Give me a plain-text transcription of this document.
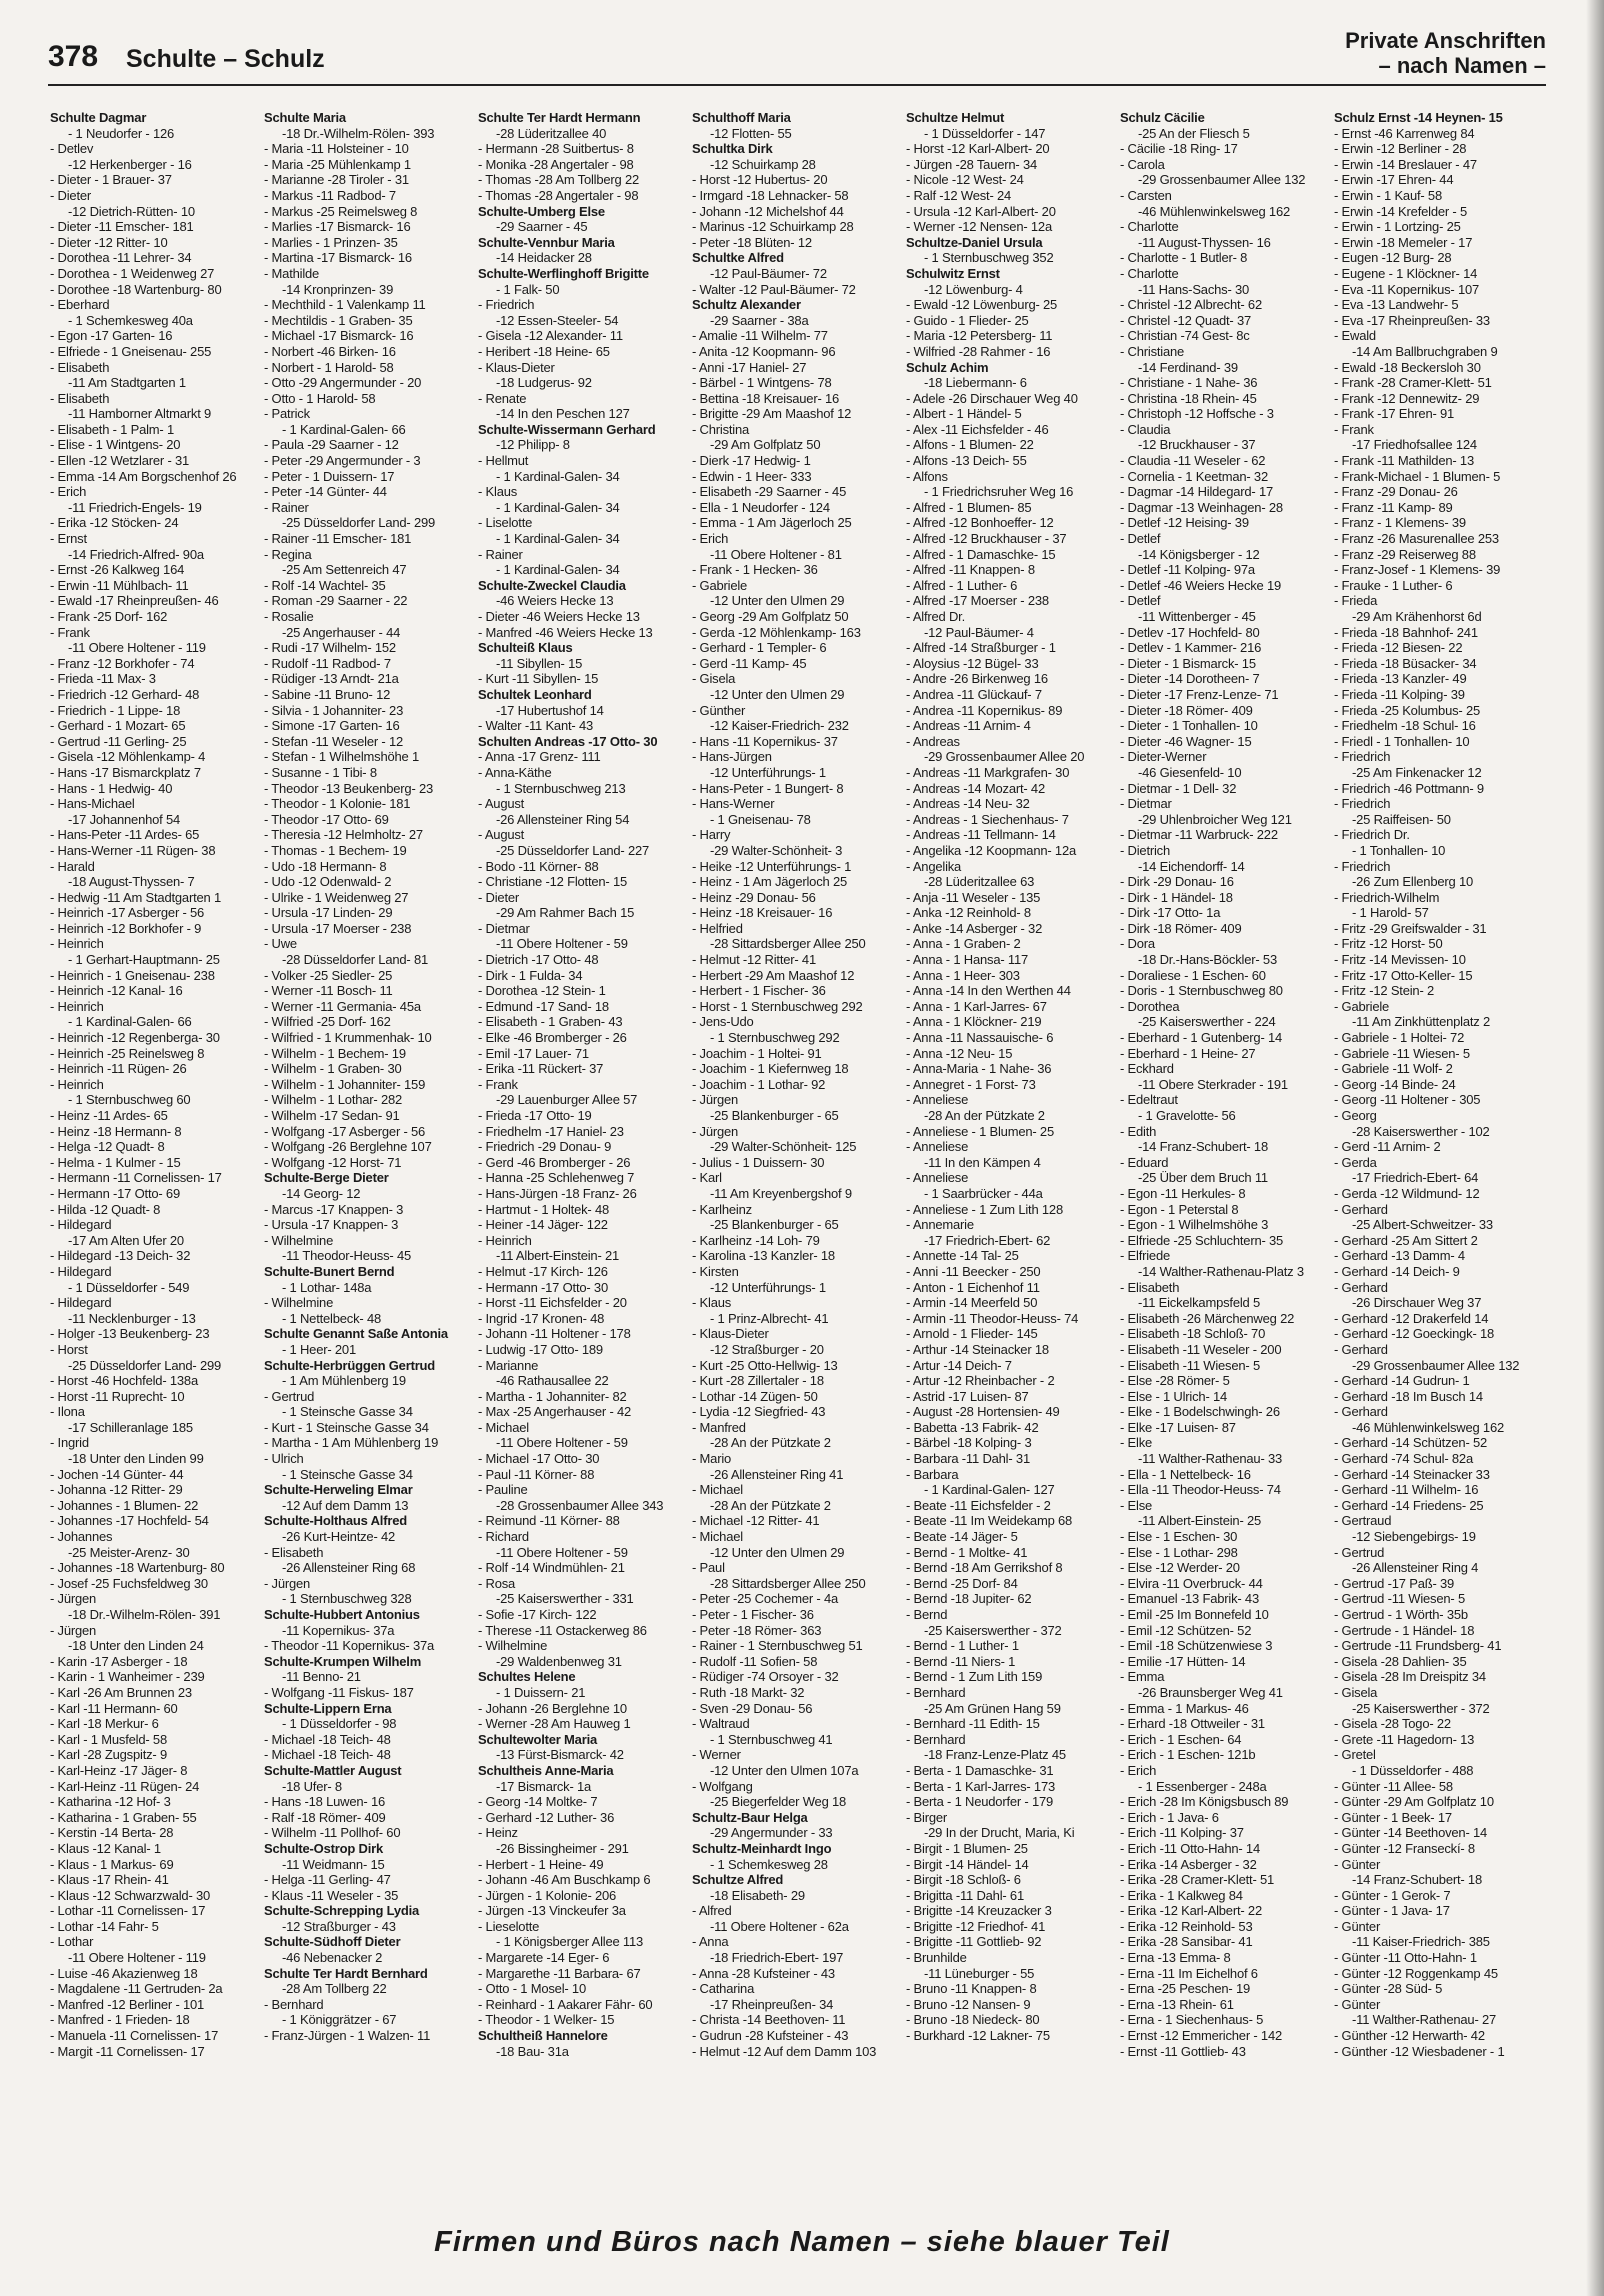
378 Schulte – Schulz
Private Anschriften
– nach Namen –
Schulte Dagmar
- 1 Neudorfer - 126
- Detlev
-12 Herkenberger - 16
- Dieter - 1 Brauer- 37
- Dieter
-12 Dietrich-Rütten- 10
- Dieter -11 Emscher- 181
- Dieter -12 Ritter- 10
- Dorothea -11 Lehrer- 34
- Dorothea - 1 Weidenweg 27
- Dorothee -18 Wartenburg- 80
- Eberhard
- 1 Schemkesweg 40a
- Egon -17 Garten- 16
- Elfriede - 1 Gneisenau- 255
- Elisabeth
-11 Am Stadtgarten 1
- Elisabeth
-11 Hamborner Altmarkt 9
- Elisabeth - 1 Palm- 1
- Elise - 1 Wintgens- 20
- Ellen -12 Wetzlarer - 31
- Emma -14 Am Borgschenhof 26
- Erich
-11 Friedrich-Engels- 19
- Erika -12 Stöcken- 24
- Ernst
-14 Friedrich-Alfred- 90a
- Ernst -26 Kalkweg 164
- Erwin -11 Mühlbach- 11
- Ewald -17 Rheinpreußen- 46
- Frank -25 Dorf- 162
- Frank
-11 Obere Holtener - 119
- Franz -12 Borkhofer - 74
- Frieda -11 Max- 3
- Friedrich -12 Gerhard- 48
- Friedrich - 1 Lippe- 18
- Gerhard - 1 Mozart- 65
- Gertrud -11 Gerling- 25
- Gisela -12 Möhlenkamp- 4
- Hans -17 Bismarckplatz 7
- Hans - 1 Hedwig- 40
- Hans-Michael
-17 Johannenhof 54
- Hans-Peter -11 Ardes- 65
- Hans-Werner -11 Rügen- 38
- Harald
-18 August-Thyssen- 7
- Hedwig -11 Am Stadtgarten 1
- Heinrich -17 Asberger - 56
- Heinrich -12 Borkhofer - 9
- Heinrich
- 1 Gerhart-Hauptmann- 25
- Heinrich - 1 Gneisenau- 238
- Heinrich -12 Kanal- 16
- Heinrich
- 1 Kardinal-Galen- 66
- Heinrich -12 Regenberga- 30
- Heinrich -25 Reinelsweg 8
- Heinrich -11 Rügen- 26
- Heinrich
- 1 Sternbuschweg 60
- Heinz -11 Ardes- 65
- Heinz -18 Hermann- 8
- Helga -12 Quadt- 8
- Helma - 1 Kulmer - 15
- Hermann -11 Cornelissen- 17
- Hermann -17 Otto- 69
- Hilda -12 Quadt- 8
- Hildegard
-17 Am Alten Ufer 20
- Hildegard -13 Deich- 32
- Hildegard
- 1 Düsseldorfer - 549
- Hildegard
-11 Necklenburger - 13
- Holger -13 Beukenberg- 23
- Horst
-25 Düsseldorfer Land- 299
- Horst -46 Hochfeld- 138a
- Horst -11 Ruprecht- 10
- Ilona
-17 Schilleranlage 185
- Ingrid
-18 Unter den Linden 99
- Jochen -14 Günter- 44
- Johanna -12 Ritter- 29
- Johannes - 1 Blumen- 22
- Johannes -17 Hochfeld- 54
- Johannes
-25 Meister-Arenz- 30
- Johannes -18 Wartenburg- 80
- Josef -25 Fuchsfeldweg 30
- Jürgen
-18 Dr.-Wilhelm-Rölen- 391
- Jürgen
-18 Unter den Linden 24
- Karin -17 Asberger - 18
- Karin - 1 Wanheimer - 239
- Karl -26 Am Brunnen 23
- Karl -11 Hermann- 60
- Karl -18 Merkur- 6
- Karl - 1 Musfeld- 58
- Karl -28 Zugspitz- 9
- Karl-Heinz -17 Jäger- 8
- Karl-Heinz -11 Rügen- 24
- Katharina -12 Hof- 3
- Katharina - 1 Graben- 55
- Kerstin -14 Berta- 28
- Klaus -12 Kanal- 1
- Klaus - 1 Markus- 69
- Klaus -17 Rhein- 41
- Klaus -12 Schwarzwald- 30
- Lothar -11 Cornelissen- 17
- Lothar -14 Fahr- 5
- Lothar
-11 Obere Holtener - 119
- Luise -46 Akazienweg 18
- Magdalene -11 Gertruden- 2a
- Manfred -12 Berliner - 101
- Manfred - 1 Frieden- 18
- Manuela -11 Cornelissen- 17
- Margit -11 Cornelissen- 17
Schulte Maria
-18 Dr.-Wilhelm-Rölen- 393
- Maria -11 Holsteiner - 10
- Maria -25 Mühlenkamp 1
- Marianne -28 Tiroler - 31
- Markus -11 Radbod- 7
- Markus -25 Reimelsweg 8
- Marlies -17 Bismarck- 16
- Marlies - 1 Prinzen- 35
- Martina -17 Bismarck- 16
- Mathilde
-14 Kronprinzen- 39
- Mechthild - 1 Valenkamp 11
- Mechtildis - 1 Graben- 35
- Michael -17 Bismarck- 16
- Norbert -46 Birken- 16
- Norbert - 1 Harold- 58
- Otto -29 Angermunder - 20
- Otto - 1 Harold- 58
- Patrick
- 1 Kardinal-Galen- 66
- Paula -29 Saarner - 12
- Peter -29 Angermunder - 3
- Peter - 1 Duissern- 17
- Peter -14 Günter- 44
- Rainer
-25 Düsseldorfer Land- 299
- Rainer -11 Emscher- 181
- Regina
-25 Am Settenreich 47
- Rolf -14 Wachtel- 35
- Roman -29 Saarner - 22
- Rosalie
-25 Angerhauser - 44
- Rudi -17 Wilhelm- 152
- Rudolf -11 Radbod- 7
- Rüdiger -13 Arndt- 21a
- Sabine -11 Bruno- 12
- Silvia - 1 Johanniter- 23
- Simone -17 Garten- 16
- Stefan -11 Weseler - 12
- Stefan - 1 Wilhelmshöhe 1
- Susanne - 1 Tibi- 8
- Theodor -13 Beukenberg- 23
- Theodor - 1 Kolonie- 181
- Theodor -17 Otto- 69
- Theresia -12 Helmholtz- 27
- Thomas - 1 Bechem- 19
- Udo -18 Hermann- 8
- Udo -12 Odenwald- 2
- Ulrike - 1 Weidenweg 27
- Ursula -17 Linden- 29
- Ursula -17 Moerser - 238
- Uwe
-28 Düsseldorfer Land- 81
- Volker -25 Siedler- 25
- Werner -11 Bosch- 11
- Werner -11 Germania- 45a
- Wilfried -25 Dorf- 162
- Wilfried - 1 Krummenhak- 10
- Wilhelm - 1 Bechem- 19
- Wilhelm - 1 Graben- 30
- Wilhelm - 1 Johanniter- 159
- Wilhelm - 1 Lothar- 282
- Wilhelm -17 Sedan- 91
- Wolfgang -17 Asberger - 56
- Wolfgang -26 Berglehne 107
- Wolfgang -12 Horst- 71
Schulte-Berge Dieter
-14 Georg- 12
- Marcus -17 Knappen- 3
- Ursula -17 Knappen- 3
- Wilhelmine
-11 Theodor-Heuss- 45
Schulte-Bunert Bernd
- 1 Lothar- 148a
- Wilhelmine
- 1 Nettelbeck- 48
Schulte Genannt Saße Antonia
- 1 Heer- 201
Schulte-Herbrüggen Gertrud
- 1 Am Mühlenberg 19
- Gertrud
- 1 Steinsche Gasse 34
- Kurt - 1 Steinsche Gasse 34
- Martha - 1 Am Mühlenberg 19
- Ulrich
- 1 Steinsche Gasse 34
Schulte-Herweling Elmar
-12 Auf dem Damm 13
Schulte-Holthaus Alfred
-26 Kurt-Heintze- 42
- Elisabeth
-26 Allensteiner Ring 68
- Jürgen
- 1 Sternbuschweg 328
Schulte-Hubbert Antonius
-11 Kopernikus- 37a
- Theodor -11 Kopernikus- 37a
Schulte-Krumpen Wilhelm
-11 Benno- 21
- Wolfgang -11 Fiskus- 187
Schulte-Lippern Erna
- 1 Düsseldorfer - 98
- Michael -18 Teich- 48
- Michael -18 Teich- 48
Schulte-Mattler August
-18 Ufer- 8
- Hans -18 Luwen- 16
- Ralf -18 Römer- 409
- Wilhelm -11 Pollhof- 60
Schulte-Ostrop Dirk
-11 Weidmann- 15
- Helga -11 Gerling- 47
- Klaus -11 Weseler - 35
Schulte-Schrepping Lydia
-12 Straßburger - 43
Schulte-Südhoff Dieter
-46 Nebenacker 2
Schulte Ter Hardt Bernhard
-28 Am Tollberg 22
- Bernhard
- 1 Königgrätzer - 67
- Franz-Jürgen - 1 Walzen- 11
Schulte Ter Hardt Hermann
-28 Lüderitzallee 40
- Hermann -28 Suitbertus- 8
- Monika -28 Angertaler - 98
- Thomas -28 Am Tollberg 22
- Thomas -28 Angertaler - 98
Schulte-Umberg Else
-29 Saarner - 45
Schulte-Vennbur Maria
-14 Heidacker 28
Schulte-Werflinghoff Brigitte
- 1 Falk- 50
- Friedrich
-12 Essen-Steeler- 54
- Gisela -12 Alexander- 11
- Heribert -18 Heine- 65
- Klaus-Dieter
-18 Ludgerus- 92
- Renate
-14 In den Peschen 127
Schulte-Wissermann Gerhard
-12 Philipp- 8
- Hellmut
- 1 Kardinal-Galen- 34
- Klaus
- 1 Kardinal-Galen- 34
- Liselotte
- 1 Kardinal-Galen- 34
- Rainer
- 1 Kardinal-Galen- 34
Schulte-Zweckel Claudia
-46 Weiers Hecke 13
- Dieter -46 Weiers Hecke 13
- Manfred -46 Weiers Hecke 13
Schulteiß Klaus
-11 Sibyllen- 15
- Kurt -11 Sibyllen- 15
Schultek Leonhard
-17 Hubertushof 14
- Walter -11 Kant- 43
Schulten Andreas -17 Otto- 30
- Anna -17 Grenz- 111
- Anna-Käthe
- 1 Sternbuschweg 213
- August
-26 Allensteiner Ring 54
- August
-25 Düsseldorfer Land- 227
- Bodo -11 Körner- 88
- Christiane -12 Flotten- 15
- Dieter
-29 Am Rahmer Bach 15
- Dietmar
-11 Obere Holtener - 59
- Dietrich -17 Otto- 48
- Dirk - 1 Fulda- 34
- Dorothea -12 Stein- 1
- Edmund -17 Sand- 18
- Elisabeth - 1 Graben- 43
- Elke -46 Bromberger - 26
- Emil -17 Lauer- 71
- Erika -11 Rückert- 37
- Frank
-29 Lauenburger Allee 57
- Frieda -17 Otto- 19
- Friedhelm -17 Haniel- 23
- Friedrich -29 Donau- 9
- Gerd -46 Bromberger - 26
- Hanna -25 Schlehenweg 7
- Hans-Jürgen -18 Franz- 26
- Hartmut - 1 Holtek- 48
- Heiner -14 Jäger- 122
- Heinrich
-11 Albert-Einstein- 21
- Helmut -17 Kirch- 126
- Hermann -17 Otto- 30
- Horst -11 Eichsfelder - 20
- Ingrid -17 Kronen- 48
- Johann -11 Holtener - 178
- Ludwig -17 Otto- 189
- Marianne
-46 Rathausallee 22
- Martha - 1 Johanniter- 82
- Max -25 Angerhauser - 42
- Michael
-11 Obere Holtener - 59
- Michael -17 Otto- 30
- Paul -11 Körner- 88
- Pauline
-28 Grossenbaumer Allee 343
- Reimund -11 Körner- 88
- Richard
-11 Obere Holtener - 59
- Rolf -14 Windmühlen- 21
- Rosa
-25 Kaiserswerther - 331
- Sofie -17 Kirch- 122
- Therese -11 Ostackerweg 86
- Wilhelmine
-29 Waldenbenweg 31
Schultes Helene
- 1 Duissern- 21
- Johann -26 Berglehne 10
- Werner -28 Am Hauweg 1
Schultewolter Maria
-13 Fürst-Bismarck- 42
Schultheis Anne-Maria
-17 Bismarck- 1a
- Georg -14 Moltke- 7
- Gerhard -12 Luther- 36
- Heinz
-26 Bissingheimer - 291
- Herbert - 1 Heine- 49
- Johann -46 Am Buschkamp 6
- Jürgen - 1 Kolonie- 206
- Jürgen -13 Vinckeufer 3a
- Lieselotte
- 1 Königsberger Allee 113
- Margarete -14 Eger- 6
- Margarethe -11 Barbara- 67
- Otto - 1 Mosel- 10
- Reinhard - 1 Aakarer Fähr- 60
- Theodor - 1 Welker- 15
Schultheiß Hannelore
-18 Bau- 31a
Schulthoff Maria
-12 Flotten- 55
Schultka Dirk
-12 Schuirkamp 28
- Horst -12 Hubertus- 20
- Irmgard -18 Lehnacker- 58
- Johann -12 Michelshof 44
- Marinus -12 Schuirkamp 28
- Peter -18 Blüten- 12
Schultke Alfred
-12 Paul-Bäumer- 72
- Walter -12 Paul-Bäumer- 72
Schultz Alexander
-29 Saarner - 38a
- Amalie -11 Wilhelm- 77
- Anita -12 Koopmann- 96
- Anni -17 Haniel- 27
- Bärbel - 1 Wintgens- 78
- Bettina -18 Kreisauer- 16
- Brigitte -29 Am Maashof 12
- Christina
-29 Am Golfplatz 50
- Dierk -17 Hedwig- 1
- Edwin - 1 Heer- 333
- Elisabeth -29 Saarner - 45
- Ella - 1 Neudorfer - 124
- Emma - 1 Am Jägerloch 25
- Erich
-11 Obere Holtener - 81
- Frank - 1 Hecken- 36
- Gabriele
-12 Unter den Ulmen 29
- Georg -29 Am Golfplatz 50
- Gerda -12 Möhlenkamp- 163
- Gerhard - 1 Templer- 6
- Gerd -11 Kamp- 45
- Gisela
-12 Unter den Ulmen 29
- Günther
-12 Kaiser-Friedrich- 232
- Hans -11 Kopernikus- 37
- Hans-Jürgen
-12 Unterführungs- 1
- Hans-Peter - 1 Bungert- 8
- Hans-Werner
- 1 Gneisenau- 78
- Harry
-29 Walter-Schönheit- 3
- Heike -12 Unterführungs- 1
- Heinz - 1 Am Jägerloch 25
- Heinz -29 Donau- 56
- Heinz -18 Kreisauer- 16
- Helfried
-28 Sittardsberger Allee 250
- Helmut -12 Ritter- 41
- Herbert -29 Am Maashof 12
- Herbert - 1 Fischer- 36
- Horst - 1 Sternbuschweg 292
- Jens-Udo
- 1 Sternbuschweg 292
- Joachim - 1 Holtei- 91
- Joachim - 1 Kiefernweg 18
- Joachim - 1 Lothar- 92
- Jürgen
-25 Blankenburger - 65
- Jürgen
-29 Walter-Schönheit- 125
- Julius - 1 Duissern- 30
- Karl
-11 Am Kreyenbergshof 9
- Karlheinz
-25 Blankenburger - 65
- Karlheinz -14 Loh- 79
- Karolina -13 Kanzler- 18
- Kirsten
-12 Unterführungs- 1
- Klaus
- 1 Prinz-Albrecht- 41
- Klaus-Dieter
-12 Straßburger - 20
- Kurt -25 Otto-Hellwig- 13
- Kurt -28 Zillertaler - 18
- Lothar -14 Zügen- 50
- Lydia -12 Siegfried- 43
- Manfred
-28 An der Pützkate 2
- Mario
-26 Allensteiner Ring 41
- Michael
-28 An der Pützkate 2
- Michael -12 Ritter- 41
- Michael
-12 Unter den Ulmen 29
- Paul
-28 Sittardsberger Allee 250
- Peter -25 Cochemer - 4a
- Peter - 1 Fischer- 36
- Peter -18 Römer- 363
- Rainer - 1 Sternbuschweg 51
- Rudolf -11 Sofien- 58
- Rüdiger -74 Orsoyer - 32
- Ruth -18 Markt- 32
- Sven -29 Donau- 56
- Waltraud
- 1 Sternbuschweg 41
- Werner
-12 Unter den Ulmen 107a
- Wolfgang
-25 Biegerfelder Weg 18
Schultz-Baur Helga
-29 Angermunder - 33
Schultz-Meinhardt Ingo
- 1 Schemkesweg 28
Schultze Alfred
-18 Elisabeth- 29
- Alfred
-11 Obere Holtener - 62a
- Anna
-18 Friedrich-Ebert- 197
- Anna -28 Kufsteiner - 43
- Catharina
-17 Rheinpreußen- 34
- Christa -14 Beethoven- 11
- Gudrun -28 Kufsteiner - 43
- Helmut -12 Auf dem Damm 103
Schultze Helmut
- 1 Düsseldorfer - 147
- Horst -12 Karl-Albert- 20
- Jürgen -28 Tauern- 34
- Nicole -12 West- 24
- Ralf -12 West- 24
- Ursula -12 Karl-Albert- 20
- Werner -12 Nensen- 12a
Schultze-Daniel Ursula
- 1 Sternbuschweg 352
Schulwitz Ernst
-12 Löwenburg- 4
- Ewald -12 Löwenburg- 25
- Guido - 1 Flieder- 25
- Maria -12 Petersberg- 11
- Wilfried -28 Rahmer - 16
Schulz Achim
-18 Liebermann- 6
- Adele -26 Dirschauer Weg 40
- Albert - 1 Händel- 5
- Alex -11 Eichsfelder - 46
- Alfons - 1 Blumen- 22
- Alfons -13 Deich- 55
- Alfons
- 1 Friedrichsruher Weg 16
- Alfred - 1 Blumen- 85
- Alfred -12 Bonhoeffer- 12
- Alfred -12 Bruckhauser - 37
- Alfred - 1 Damaschke- 15
- Alfred -11 Knappen- 8
- Alfred - 1 Luther- 6
- Alfred -17 Moerser - 238
- Alfred Dr.
-12 Paul-Bäumer- 4
- Alfred -14 Straßburger - 1
- Aloysius -12 Bügel- 33
- Andre -26 Birkenweg 16
- Andrea -11 Glückauf- 7
- Andrea -11 Kopernikus- 89
- Andreas -11 Arnim- 4
- Andreas
-29 Grossenbaumer Allee 20
- Andreas -11 Markgrafen- 30
- Andreas -14 Mozart- 42
- Andreas -14 Neu- 32
- Andreas - 1 Siechenhaus- 7
- Andreas -11 Tellmann- 14
- Angelika -12 Koopmann- 12a
- Angelika
-28 Lüderitzallee 63
- Anja -11 Weseler - 135
- Anka -12 Reinhold- 8
- Anke -14 Asberger - 32
- Anna - 1 Graben- 2
- Anna - 1 Hansa- 117
- Anna - 1 Heer- 303
- Anna -14 In den Werthen 44
- Anna - 1 Karl-Jarres- 67
- Anna - 1 Klöckner- 219
- Anna -11 Nassauische- 6
- Anna -12 Neu- 15
- Anna-Maria - 1 Nahe- 36
- Annegret - 1 Forst- 73
- Anneliese
-28 An der Pützkate 2
- Anneliese - 1 Blumen- 25
- Anneliese
-11 In den Kämpen 4
- Anneliese
- 1 Saarbrücker - 44a
- Anneliese - 1 Zum Lith 128
- Annemarie
-17 Friedrich-Ebert- 62
- Annette -14 Tal- 25
- Anni -11 Beecker - 250
- Anton - 1 Eichenhof 11
- Armin -14 Meerfeld 50
- Armin -11 Theodor-Heuss- 74
- Arnold - 1 Flieder- 145
- Arthur -14 Steinacker 18
- Artur -14 Deich- 7
- Artur -12 Rheinbacher - 2
- Astrid -17 Luisen- 87
- August -28 Hortensien- 49
- Babetta -13 Fabrik- 42
- Bärbel -18 Kolping- 3
- Barbara -11 Dahl- 31
- Barbara
- 1 Kardinal-Galen- 127
- Beate -11 Eichsfelder - 2
- Beate -11 Im Weidekamp 68
- Beate -14 Jäger- 5
- Bernd - 1 Moltke- 41
- Bernd -18 Am Gerrikshof 8
- Bernd -25 Dorf- 84
- Bernd -18 Jupiter- 62
- Bernd
-25 Kaiserswerther - 372
- Bernd - 1 Luther- 1
- Bernd -11 Niers- 1
- Bernd - 1 Zum Lith 159
- Bernhard
-25 Am Grünen Hang 59
- Bernhard -11 Edith- 15
- Bernhard
-18 Franz-Lenze-Platz 45
- Berta - 1 Damaschke- 31
- Berta - 1 Karl-Jarres- 173
- Berta - 1 Neudorfer - 179
- Birger
-29 In der Drucht, Maria, Ki
- Birgit - 1 Blumen- 25
- Birgit -14 Händel- 14
- Birgit -18 Schloß- 6
- Brigitta -11 Dahl- 61
- Brigitte -14 Kreuzacker 3
- Brigitte -12 Friedhof- 41
- Brigitte -11 Gottlieb- 92
- Brunhilde
-11 Lüneburger - 55
- Bruno -11 Knappen- 8
- Bruno -12 Nansen- 9
- Bruno -18 Niedeck- 80
- Burkhard -12 Lakner- 75
Schulz Cäcilie
-25 An der Fliesch 5
- Cäcilie -18 Ring- 17
- Carola
-29 Grossenbaumer Allee 132
- Carsten
-46 Mühlenwinkelsweg 162
- Charlotte
-11 August-Thyssen- 16
- Charlotte - 1 Butler- 8
- Charlotte
-11 Hans-Sachs- 30
- Christel -12 Albrecht- 62
- Christel -12 Quadt- 37
- Christian -74 Gest- 8c
- Christiane
-14 Ferdinand- 39
- Christiane - 1 Nahe- 36
- Christina -18 Rhein- 45
- Christoph -12 Hoffsche - 3
- Claudia
-12 Bruckhauser - 37
- Claudia -11 Weseler - 62
- Cornelia - 1 Keetman- 32
- Dagmar -14 Hildegard- 17
- Dagmar -13 Weinhagen- 28
- Detlef -12 Heising- 39
- Detlef
-14 Königsberger - 12
- Detlef -11 Kolping- 97a
- Detlef -46 Weiers Hecke 19
- Detlef
-11 Wittenberger - 45
- Detlev -17 Hochfeld- 80
- Detlev - 1 Kammer- 216
- Dieter - 1 Bismarck- 15
- Dieter -14 Dorotheen- 7
- Dieter -17 Frenz-Lenze- 71
- Dieter -18 Römer- 409
- Dieter - 1 Tonhallen- 10
- Dieter -46 Wagner- 15
- Dieter-Werner
-46 Giesenfeld- 10
- Dietmar - 1 Dell- 32
- Dietmar
-29 Uhlenbroicher Weg 121
- Dietmar -11 Warbruck- 222
- Dietrich
-14 Eichendorff- 14
- Dirk -29 Donau- 16
- Dirk - 1 Händel- 18
- Dirk -17 Otto- 1a
- Dirk -18 Römer- 409
- Dora
-18 Dr.-Hans-Böckler- 53
- Doraliese - 1 Eschen- 60
- Doris - 1 Sternbuschweg 80
- Dorothea
-25 Kaiserswerther - 224
- Eberhard - 1 Gutenberg- 14
- Eberhard - 1 Heine- 27
- Eckhard
-11 Obere Sterkrader - 191
- Edeltraut
- 1 Gravelotte- 56
- Edith
-14 Franz-Schubert- 18
- Eduard
-25 Über dem Bruch 11
- Egon -11 Herkules- 8
- Egon - 1 Peterstal 8
- Egon - 1 Wilhelmshöhe 3
- Elfriede -25 Schluchtern- 35
- Elfriede
-14 Walther-Rathenau-Platz 3
- Elisabeth
-11 Eickelkampsfeld 5
- Elisabeth -26 Märchenweg 22
- Elisabeth -18 Schloß- 70
- Elisabeth -11 Weseler - 200
- Elisabeth -11 Wiesen- 5
- Else -28 Römer- 5
- Else - 1 Ulrich- 14
- Elke - 1 Bodelschwingh- 26
- Elke -17 Luisen- 87
- Elke
-11 Walther-Rathenau- 33
- Ella - 1 Nettelbeck- 16
- Ella -11 Theodor-Heuss- 74
- Else
-11 Albert-Einstein- 25
- Else - 1 Eschen- 30
- Else - 1 Lothar- 298
- Else -12 Werder- 20
- Elvira -11 Overbruck- 44
- Emanuel -13 Fabrik- 43
- Emil -25 Im Bonnefeld 10
- Emil -12 Schützen- 52
- Emil -18 Schützenwiese 3
- Emilie -17 Hütten- 14
- Emma
-26 Braunsberger Weg 41
- Emma - 1 Markus- 46
- Erhard -18 Ottweiler - 31
- Erich - 1 Eschen- 64
- Erich - 1 Eschen- 121b
- Erich
- 1 Essenberger - 248a
- Erich -28 Im Königsbusch 89
- Erich - 1 Java- 6
- Erich -11 Kolping- 37
- Erich -11 Otto-Hahn- 14
- Erika -14 Asberger - 32
- Erika -28 Cramer-Klett- 51
- Erika - 1 Kalkweg 84
- Erika -12 Karl-Albert- 22
- Erika -12 Reinhold- 53
- Erika -28 Sansibar- 41
- Erna -13 Emma- 8
- Erna -11 Im Eichelhof 6
- Erna -25 Peschen- 19
- Erna -13 Rhein- 61
- Erna - 1 Siechenhaus- 5
- Ernst -12 Emmericher - 142
- Ernst -11 Gottlieb- 43
Schulz Ernst -14 Heynen- 15
- Ernst -46 Karrenweg 84
- Erwin -12 Berliner - 28
- Erwin -14 Breslauer - 47
- Erwin -17 Ehren- 44
- Erwin - 1 Kauf- 58
- Erwin -14 Krefelder - 5
- Erwin - 1 Lortzing- 25
- Erwin -18 Memeler - 17
- Eugen -12 Burg- 28
- Eugene - 1 Klöckner- 14
- Eva -11 Kopernikus- 107
- Eva -13 Landwehr- 5
- Eva -17 Rheinpreußen- 33
- Ewald
-14 Am Ballbruchgraben 9
- Ewald -18 Beckersloh 30
- Frank -28 Cramer-Klett- 51
- Frank -12 Dennewitz- 29
- Frank -17 Ehren- 91
- Frank
-17 Friedhofsallee 124
- Frank -11 Mathilden- 13
- Frank-Michael - 1 Blumen- 5
- Franz -29 Donau- 26
- Franz -11 Kamp- 89
- Franz - 1 Klemens- 39
- Franz -26 Masurenallee 253
- Franz -29 Reiserweg 88
- Franz-Josef - 1 Klemens- 39
- Frauke - 1 Luther- 6
- Frieda
-29 Am Krähenhorst 6d
- Frieda -18 Bahnhof- 241
- Frieda -12 Biesen- 22
- Frieda -18 Büsacker- 34
- Frieda -13 Kanzler- 49
- Frieda -11 Kolping- 39
- Frieda -25 Kolumbus- 25
- Friedhelm -18 Schul- 16
- Friedl - 1 Tonhallen- 10
- Friedrich
-25 Am Finkenacker 12
- Friedrich -46 Pottmann- 9
- Friedrich
-25 Raiffeisen- 50
- Friedrich Dr.
- 1 Tonhallen- 10
- Friedrich
-26 Zum Ellenberg 10
- Friedrich-Wilhelm
- 1 Harold- 57
- Fritz -29 Greifswalder - 31
- Fritz -12 Horst- 50
- Fritz -14 Mevissen- 10
- Fritz -17 Otto-Keller- 15
- Fritz -12 Stein- 2
- Gabriele
-11 Am Zinkhüttenplatz 2
- Gabriele - 1 Holtei- 72
- Gabriele -11 Wiesen- 5
- Gabriele -11 Wolf- 2
- Georg -14 Binde- 24
- Georg -11 Holtener - 305
- Georg
-28 Kaiserswerther - 102
- Gerd -11 Arnim- 2
- Gerda
-17 Friedrich-Ebert- 64
- Gerda -12 Wildmund- 12
- Gerhard
-25 Albert-Schweitzer- 33
- Gerhard -25 Am Sittert 2
- Gerhard -13 Damm- 4
- Gerhard -14 Deich- 9
- Gerhard
-26 Dirschauer Weg 37
- Gerhard -12 Drakerfeld 14
- Gerhard -12 Goeckingk- 18
- Gerhard
-29 Grossenbaumer Allee 132
- Gerhard -14 Gudrun- 1
- Gerhard -18 Im Busch 14
- Gerhard
-46 Mühlenwinkelsweg 162
- Gerhard -14 Schützen- 52
- Gerhard -74 Schul- 82a
- Gerhard -14 Steinacker 33
- Gerhard -11 Wilhelm- 16
- Gerhard -14 Friedens- 25
- Gertraud
-12 Siebengebirgs- 19
- Gertrud
-26 Allensteiner Ring 4
- Gertrud -17 Paß- 39
- Gertrud -11 Wiesen- 5
- Gertrud - 1 Wörth- 35b
- Gertrude - 1 Händel- 18
- Gertrude -11 Frundsberg- 41
- Gisela -28 Dahlien- 35
- Gisela -28 Im Dreispitz 34
- Gisela
-25 Kaiserswerther - 372
- Gisela -28 Togo- 22
- Grete -11 Hagedorn- 13
- Gretel
- 1 Düsseldorfer - 488
- Günter -11 Allee- 58
- Günter -29 Am Golfplatz 10
- Günter - 1 Beek- 17
- Günter -14 Beethoven- 14
- Günter -12 Franseckí- 8
- Günter
-14 Franz-Schubert- 18
- Günter - 1 Gerok- 7
- Günter - 1 Java- 17
- Günter
-11 Kaiser-Friedrich- 385
- Günter -11 Otto-Hahn- 1
- Günter -12 Roggenkamp 45
- Günter -28 Süd- 5
- Günter
-11 Walther-Rathenau- 27
- Günther -12 Herwarth- 42
- Günther -12 Wiesbadener - 1
Firmen und Büros nach Namen – siehe blauer Teil
